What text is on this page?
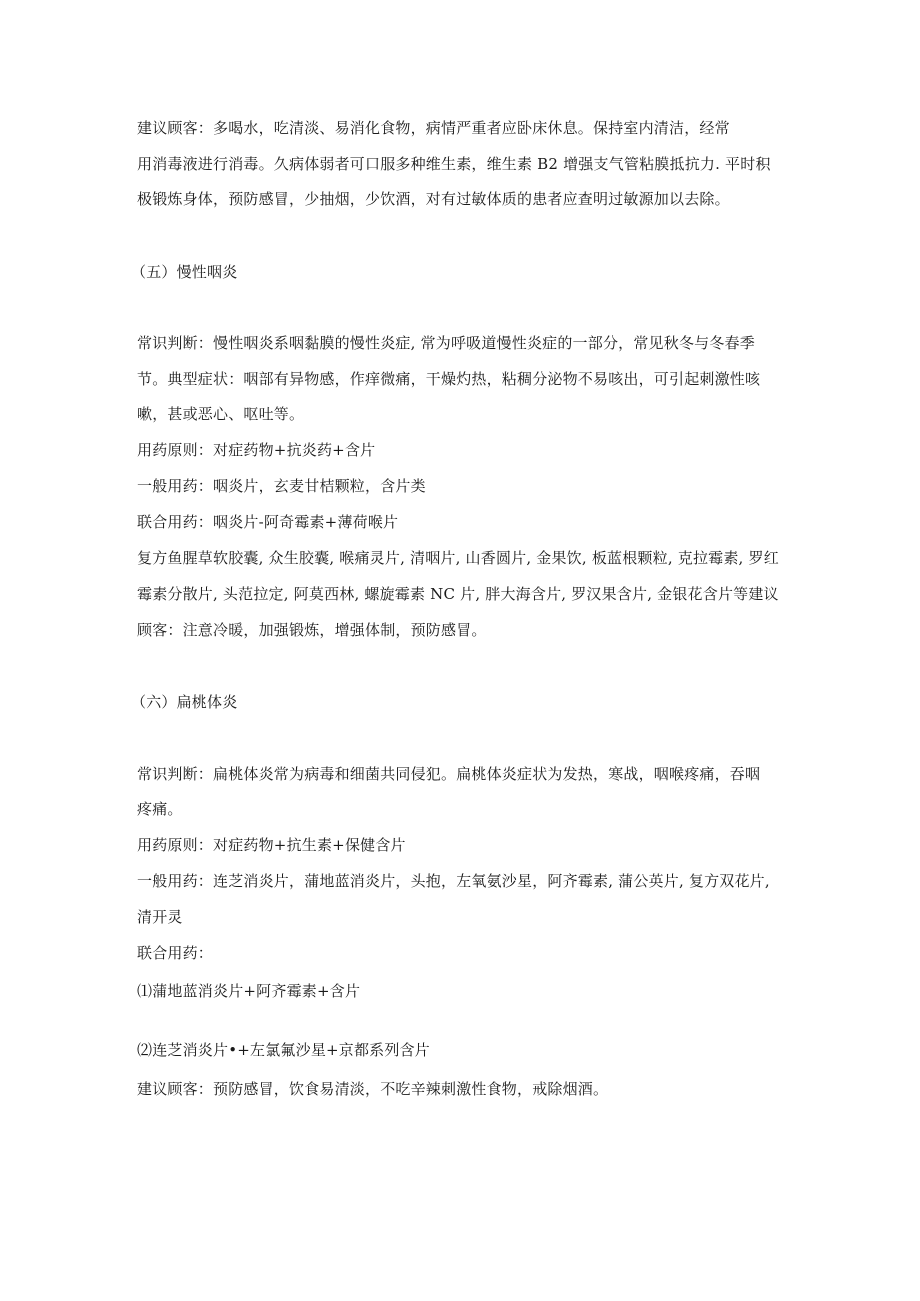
建议顾客：多喝水，吃清淡、易消化食物，病情严重者应卧床休息。保持室内清洁，经常
用消毒液进行消毒。久病体弱者可口服多种维生素，维生素 B2 增强支气管粘膜抵抗力. 平时积
极锻炼身体，预防感冒，少抽烟，少饮酒，对有过敏体质的患者应查明过敏源加以去除。
（五）慢性咽炎
常识判断：慢性咽炎系咽黏膜的慢性炎症, 常为呼吸道慢性炎症的一部分，常见秋冬与冬春季
节。典型症状：咽部有异物感，作痒微痛，干燥灼热，粘稠分泌物不易咳出，可引起刺激性咳
嗽，甚或恶心、呕吐等。
用药原则：对症药物+抗炎药+含片
一般用药：咽炎片，玄麦甘桔颗粒，含片类
联合用药：咽炎片-阿奇霉素+薄荷喉片
复方鱼腥草软胶囊, 众生胶囊, 喉痛灵片, 清咽片, 山香圆片, 金果饮, 板蓝根颗粒, 克拉霉素, 罗红
霉素分散片, 头范拉定, 阿莫西林, 螺旋霉素 NC 片, 胖大海含片, 罗汉果含片, 金银花含片等建议
顾客：注意冷暖，加强锻炼，增强体制，预防感冒。
（六）扁桃体炎
常识判断：扁桃体炎常为病毒和细菌共同侵犯。扁桃体炎症状为发热，寒战，咽喉疼痛，吞咽
疼痛。
用药原则：对症药物+抗生素+保健含片
一般用药：连芝消炎片，蒲地蓝消炎片，头抱，左氧氨沙星，阿齐霉素, 蒲公英片, 复方双花片,
清开灵
联合用药：
⑴蒲地蓝消炎片+阿齐霉素+含片
⑵连芝消炎片•+左氯氟沙星+京都系列含片
建议顾客：预防感冒，饮食易清淡，不吃辛辣刺激性食物，戒除烟酒。
